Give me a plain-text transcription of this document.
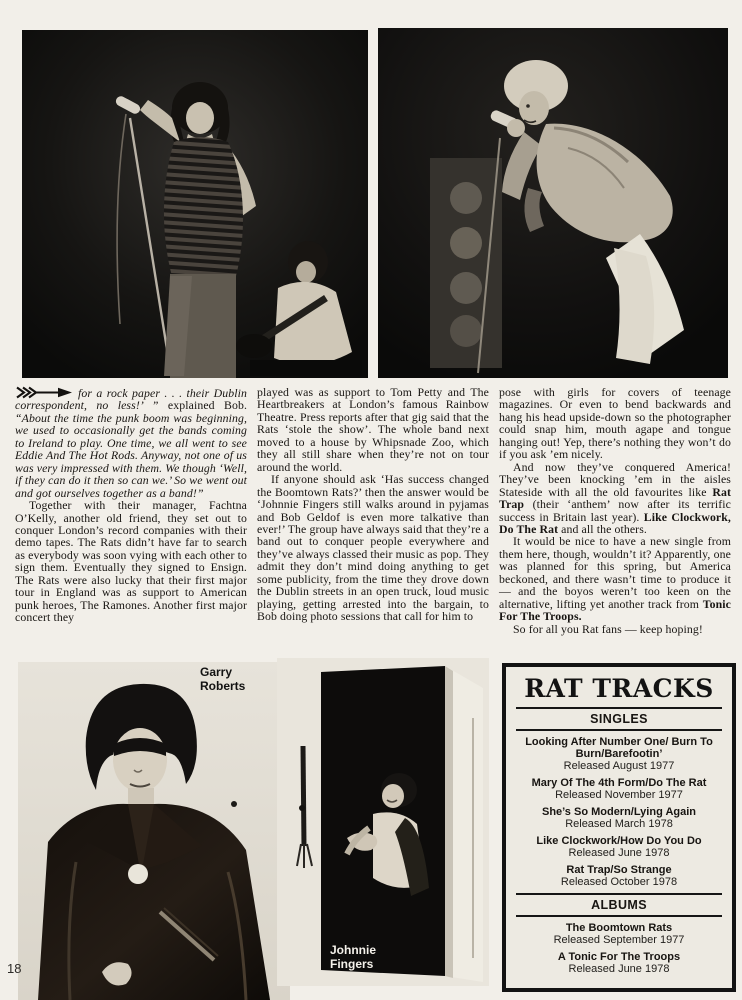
for a rock paper . . . their Dublin correspondent, no less!’ ” explained Bob. “About the time the punk boom was beginning, we used to occasionally get the bands coming to Ireland to play. One time, we all went to see Eddie And The Hot Rods. Anyway, not one of us was very impressed with them. We though ‘Well, if they can do it then so can we.’ So we went out and got ourselves together as a band!”

Together with their manager, Fachtna O’Kelly, another old friend, they set out to conquer London’s record companies with their demo tapes. The Rats didn’t have far to search as everybody was soon vying with each other to sign them. Eventually they signed to Ensign. The Rats were also lucky that their first major tour in England was as support to American punk heroes, The Ramones. Another first major concert they

played was as support to Tom Petty and The Heartbreakers at London’s famous Rainbow Theatre. Press reports after that gig said that the Rats ‘stole the show’. The whole band next moved to a house by Whipsnade Zoo, which they all still share when they’re not on tour around the world.

If anyone should ask ‘Has success changed the Boomtown Rats?’ then the answer would be ‘Johnnie Fingers still walks around in pyjamas and Bob Geldof is even more talkative than ever!’ The group have always said that they’re a band out to conquer people everywhere and they’ve always classed their music as pop. They admit they don’t mind doing anything to get some publicity, from the time they drove down the Dublin streets in an open truck, loud music playing, getting arrested into the bargain, to Bob doing photo sessions that call for him to

pose with girls for covers of teenage magazines. Or even to bend backwards and hang his head upside-down so the photographer could snap him, mouth agape and tongue hanging out! Yep, there’s nothing they won’t do if you ask ’em nicely.

And now they’ve conquered America! They’ve been knocking ’em in the aisles Stateside with all the old favourites like Rat Trap (their ‘anthem’ now after its terrific success in Britain last year). Like Clockwork, Do The Rat and all the others.

It would be nice to have a new single from them here, though, wouldn’t it? Apparently, one was planned for this spring, but America beckoned, and there wasn’t time to produce it — and the boyos weren’t too keen on the alternative, lifting yet another track from Tonic For The Troops.

So for all you Rat fans — keep hoping!

Garry Roberts
Johnnie Fingers
RAT TRACKS
SINGLES

Looking After Number One/ Burn To Burn/Barefootin’

Released August 1977

Mary Of The 4th Form/Do The Rat

Released November 1977

She’s So Modern/Lying Again

Released March 1978

Like Clockwork/How Do You Do

Released June 1978

Rat Trap/So Strange

Released October 1978

ALBUMS

The Boomtown Rats

Released September 1977

A Tonic For The Troops

Released June 1978

18
